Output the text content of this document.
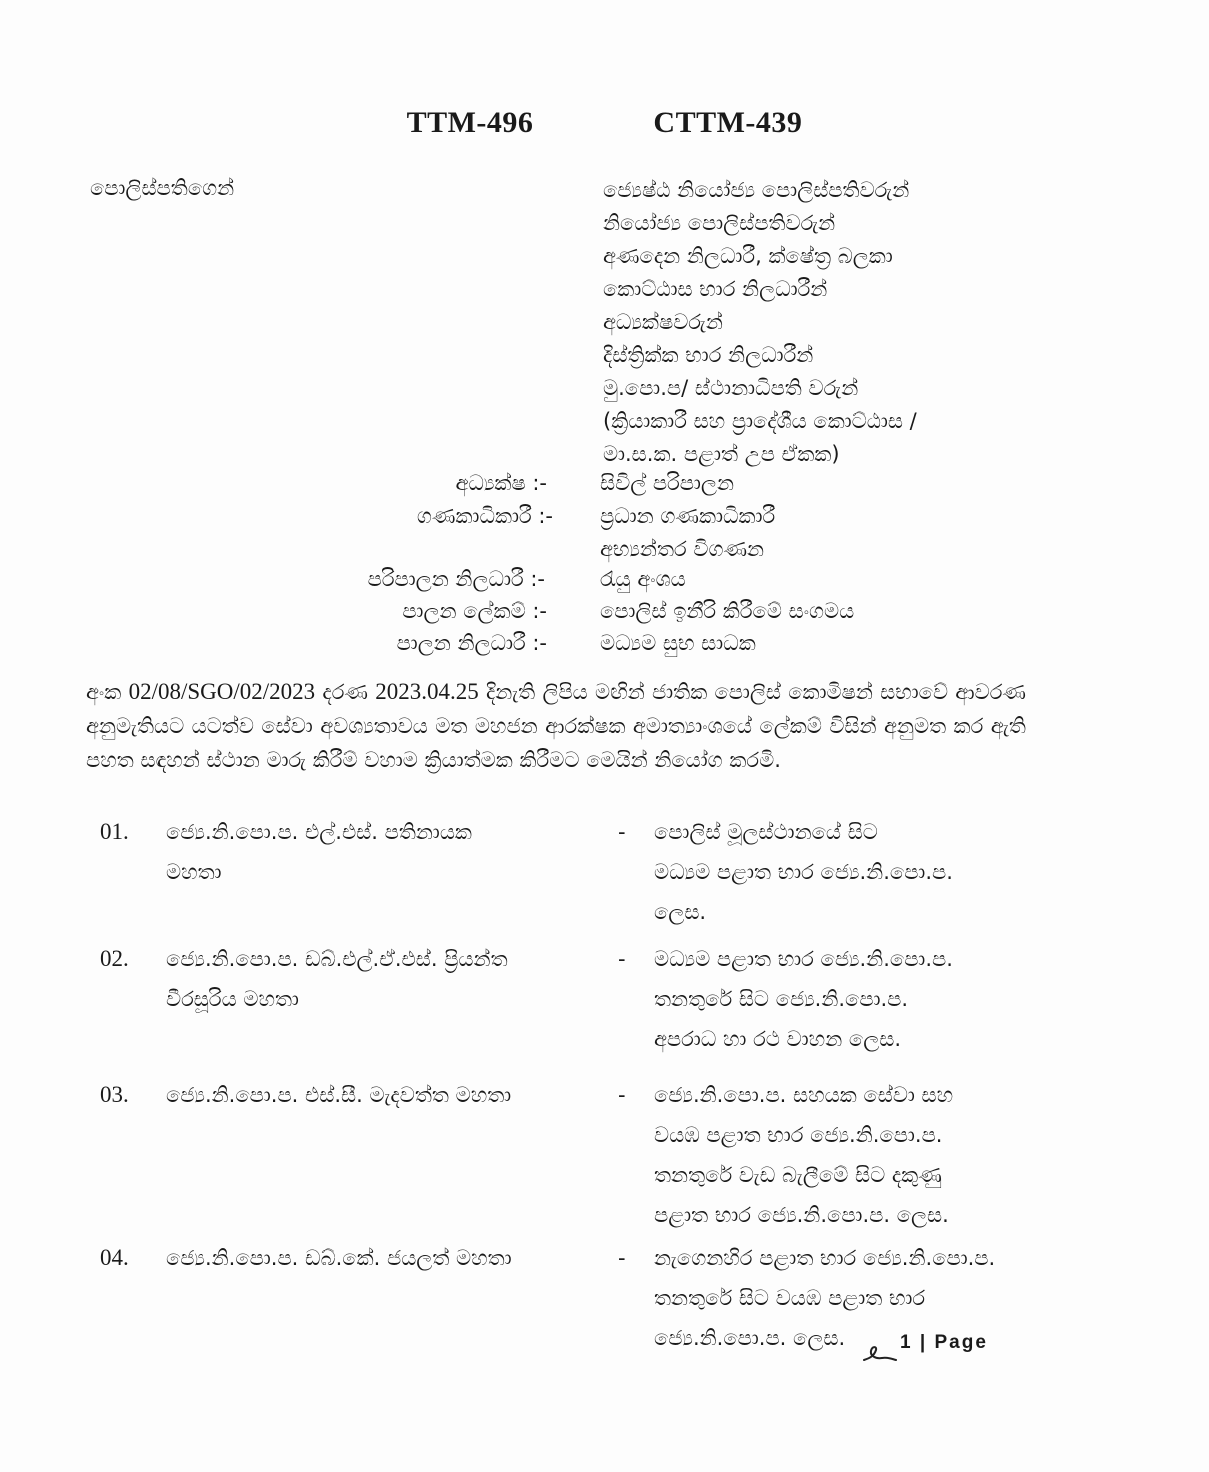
TTM-496	CTTM-439
පොලිස්පතිගෙන්	ජ්‍යෙෂ්ඨ නියෝජ්‍ය පොලිස්පතිවරුන්
නියෝජ්‍ය පොලිස්පතිවරුන්
අණදෙන නිලධාරී, ක්ෂේත්‍ර බලකා
කොට්ඨාස භාර නිලධාරීන්
අධ්‍යක්ෂවරුන්
දිස්ත්‍රික්ක භාර නිලධාරීන්
මු.පො.ප/ ස්ථානාධිපති වරුන්
(ක්‍රියාකාරී සහ ප්‍රාදේශීය කොට්ඨාස /
මා.ස.ක. පළාත් උප ඒකක)
අධ්‍යක්ෂ :-	සිවිල් පරිපාලන
ගණකාධිකාරී :- ප්‍රධාන ගණකාධිකාරී
අභ්‍යන්තර විගණන
පරිපාලන නිලධාරී :-	රැයු අංශය
පාලන ලේකම් :-	පොලිස් ඉනීරි කිරීමේ සංගමය
පාලන නිලධාරී :-	මධ්‍යම සුභ සාධක
අංක 02/08/SGO/02/2023 දරණ 2023.04.25 දිනැති ලිපිය මඟින් ජාතික පොලිස් කොමිෂන් සභාවේ ආවරණ අනුමැතියට යටත්ව සේවා අවශ්‍යතාවය මත මහජන ආරක්ෂක අමාත්‍යාංශයේ ලේකම් විසින් අනුමත කර ඇති පහත සඳහන් ස්ථාන මාරු කිරීම් වහාම ක්‍රියාත්මක කිරීමට මෙයින් නියෝග කරමි.
01. ජ්‍යෙ.නි.පො.ප. එල්.එස්. පතිනායක
මහතා
- පොලිස් මූලස්ථානයේ සිට
මධ්‍යම පළාත භාර ජ්‍යෙ.නි.පො.ප.
ලෙස.
02. ජ්‍යෙ.නි.පො.ප. ඩබ්.එල්.ඒ.එස්. ප්‍රියන්ත
වීරසූරිය මහතා
- මධ්‍යම පළාත භාර ජ්‍යෙ.නි.පො.ප.
තනතුරේ සිට ජ්‍යෙ.නි.පො.ප.
අපරාධ හා රථ වාහන ලෙස.
03. ජ්‍යෙ.නි.පො.ප. එස්.සී. මැදවත්ත මහතා	- ජ්‍යෙ.නි.පො.ප. සහයක සේවා සහ
වයඹ පළාත භාර ජ්‍යෙ.නි.පො.ප.
තනතුරේ වැඩ බැලීමේ සිට දකුණු
පළාත භාර ජ්‍යෙ.නි.පො.ප. ලෙස.
04. ජ්‍යෙ.නි.පො.ප. ඩබ්.කේ. ජයලත් මහතා	- නැගෙනහිර පළාත භාර ජ්‍යෙ.නි.පො.ප.
තනතුරේ සිට වයඹ පළාත භාර
ජ්‍යෙ.නි.පො.ප. ලෙස.	1 | Page
